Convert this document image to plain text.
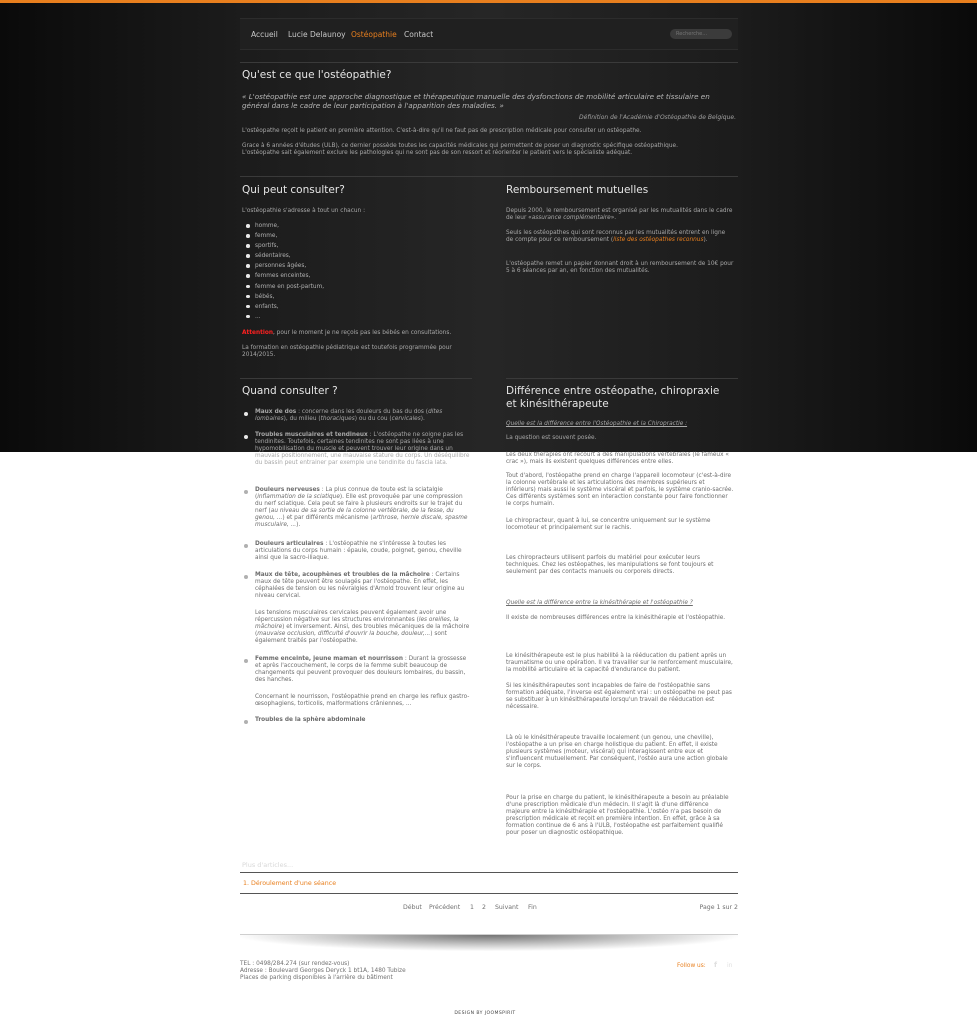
Accueil Lucie Delaunoy Ostéopathie Contact
Recherche...
Qu'est ce que l'ostéopathie?
« L'ostéopathie est une approche diagnostique et thérapeutique manuelle des dysfonctions de mobilité articulaire et tissulaire en général dans le cadre de leur participation à l'apparition des maladies. »
Définition de l'Académie d'Ostéopathie de Belgique.
L'ostéopathe reçoit le patient en première attention. C'est-à-dire qu'il ne faut pas de prescription médicale pour consulter un ostéopathe.
Grace à 6 années d'études (ULB), ce dernier possède toutes les capacités médicales qui permettent de poser un diagnostic spécifique ostéopathique.
L'ostéopathe sait également exclure les pathologies qui ne sont pas de son ressort et réorienter le patient vers le spécialiste adéquat.
Qui peut consulter?
L'ostéopathie s'adresse à tout un chacun :
homme,
femme,
sportifs,
sédentaires,
personnes âgées,
femmes enceintes,
femme en post-partum,
bébés,
enfants,
...
Attention, pour le moment je ne reçois pas les bébés en consultations.
La formation en ostéopathie pédiatrique est toutefois programmée pour 2014/2015.
Remboursement mutuelles
Depuis 2000, le remboursement est organisé par les mutualités dans le cadre de leur «assurance complémentaire».
Seuls les ostéopathes qui sont reconnus par les mutualités entrent en ligne de compte pour ce remboursement (liste des ostéopathes reconnus).
L'ostéopathe remet un papier donnant droit à un remboursement de 10€ pour 5 à 6 séances par an, en fonction des mutualités.
Quand consulter ?
Maux de dos : concerne dans les douleurs du bas du dos (dites lombaires), du milieu (thoraciques) ou du cou (cervicales).
Troubles musculaires et tendineux : L'ostéopathe ne soigne pas les tendinites. Toutefois, certaines tendinites ne sont pas liées à une hypomobilisation du muscle et peuvent trouver leur origine dans un mauvais positionnement, une mauvaise stature du corps. Un déséquilibre du bassin peut entrainer par exemple une tendinite du fascia lata.
Douleurs nerveuses : La plus connue de toute est la sciatalgie (inflammation de la sciatique). Elle est provoquée par une compression du nerf sciatique. Cela peut se faire à plusieurs endroits sur le trajet du nerf (au niveau de sa sortie de la colonne vertébrale, de la fesse, du genou, ...) et par différents mécanisme (arthrose, hernie discale, spasme musculaire, ...).
Douleurs articulaires : L'ostéopathie ne s'intéresse à toutes les articulations du corps humain : épaule, coude, poignet, genou, cheville ainsi que la sacro-iliaque.
Maux de tête, acouphènes et troubles de la mâchoire : Certains maux de tête peuvent être soulagés par l'ostéopathe. En effet, les céphalées de tension ou les névralgies d'Arnold trouvent leur origine au niveau cervical.
Les tensions musculaires cervicales peuvent également avoir une répercussion négative sur les structures environnantes (les oreilles, la mâchoire) et inversement. Ainsi, des troubles mécaniques de la mâchoire (mauvaise occlusion, difficulté d'ouvrir la bouche, douleur,...) sont également traités par l'ostéopathe.
Femme enceinte, jeune maman et nourrisson : Durant la grossesse et après l'accouchement, le corps de la femme subit beaucoup de changements qui peuvent provoquer des douleurs lombaires, du bassin, des hanches.
Concernant le nourrisson, l'ostéopathie prend en charge les reflux gastro-œsophagiens, torticolis, malformations crâniennes, ...
Troubles de la sphère abdominale
Différence entre ostéopathe, chiropraxie et kinésithérapeute
Quelle est la différence entre l'Ostéopathie et la Chiropractie :
La question est souvent posée.
Les deux thérapies ont recourt à des manipulations vertébrales (le fameux « crac »), mais ils existent quelques différences entre elles.
Tout d'abord, l'ostéopathe prend en charge l'appareil locomoteur (c'est-à-dire la colonne vertébrale et les articulations des membres supérieurs et inférieurs) mais aussi le système viscéral et parfois, le système cranio-sacrée. Ces différents systèmes sont en interaction constante pour faire fonctionner le corps humain.
Le chiropracteur, quant à lui, se concentre uniquement sur le système locomoteur et principalement sur le rachis.
Les chiropracteurs utilisent parfois du matériel pour exécuter leurs techniques. Chez les ostéopathes, les manipulations se font toujours et seulement par des contacts manuels ou corporels directs.
Quelle est la différence entre la kinésithérapie et l'ostéopathie ?
Il existe de nombreuses différences entre la kinésithérapie et l'ostéopathie.
Le kinésithérapeute est le plus habilité à la rééducation du patient après un traumatisme ou une opération. Il va travailler sur le renforcement musculaire, la mobilité articulaire et la capacité d'endurance du patient.
Si les kinésithérapeutes sont incapables de faire de l'ostéopathie sans formation adéquate, l'inverse est également vrai : un ostéopathe ne peut pas se substituer à un kinésithérapeute lorsqu'un travail de rééducation est nécessaire.
Là où le kinésithérapeute travaille localement (un genou, une cheville), l'ostéopathe a un prise en charge holistique du patient. En effet, il existe plusieurs systèmes (moteur, viscéral) qui interagissent entre eux et s'influencent mutuellement. Par conséquent, l'ostéo aura une action globale sur le corps.
Pour la prise en charge du patient, le kinésithérapeute a besoin au préalable d'une prescription médicale d'un médecin. Il s'agit là d'une différence majeure entre la kinésithérapie et l'ostéopathie. L'ostéo n'a pas besoin de prescription médicale et reçoit en première intention. En effet, grâce à sa formation continue de 6 ans à l'ULB, l'ostéopathe est parfaitement qualifié pour poser un diagnostic ostéopathique.
Plus d'articles...
1. Déroulement d'une séance
Début Précédent 1 2 Suivant Fin	Page 1 sur 2
TEL : 0498/284.274 (sur rendez-vous)
Adresse : Boulevard Georges Deryck 1 bt1A, 1480 Tubize
Places de parking disponibles à l'arrière du bâtiment
Follow us: f in
DESIGN BY JOOMSPIRIT
